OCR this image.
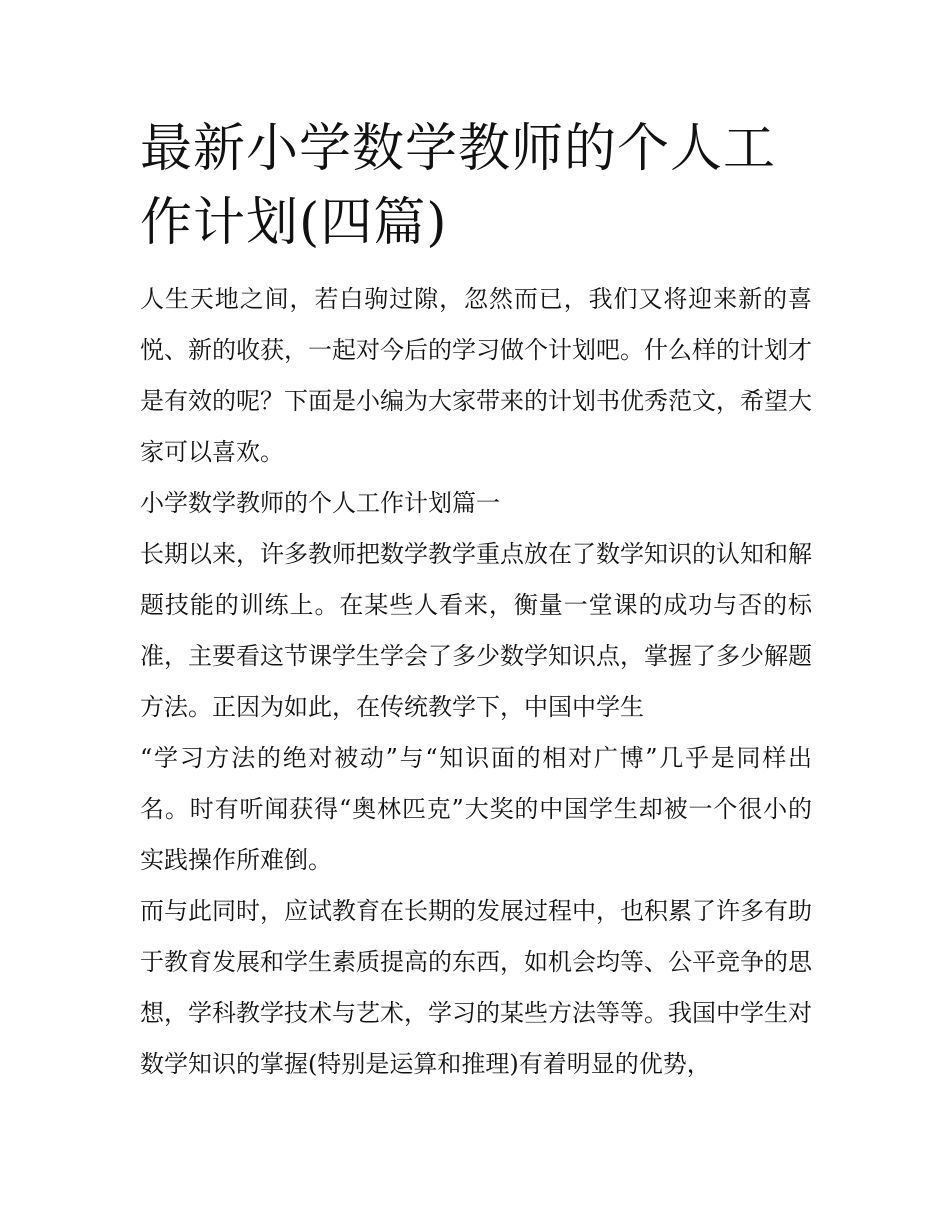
最新小学数学教师的个人工作计划(四篇)

人生天地之间，若白驹过隙，忽然而已，我们又将迎来新的喜悦、新的收获，一起对今后的学习做个计划吧。什么样的计划才是有效的呢？下面是小编为大家带来的计划书优秀范文，希望大家可以喜欢。

小学数学教师的个人工作计划篇一

长期以来，许多教师把数学教学重点放在了数学知识的认知和解题技能的训练上。在某些人看来，衡量一堂课的成功与否的标准，主要看这节课学生学会了多少数学知识点，掌握了多少解题方法。正因为如此，在传统教学下，中国中学生

“学习方法的绝对被动”与“知识面的相对广博”几乎是同样出名。时有听闻获得“奥林匹克”大奖的中国学生却被一个很小的实践操作所难倒。

而与此同时，应试教育在长期的发展过程中，也积累了许多有助于教育发展和学生素质提高的东西，如机会均等、公平竞争的思想，学科教学技术与艺术，学习的某些方法等等。我国中学生对数学知识的掌握(特别是运算和推理)有着明显的优势，
